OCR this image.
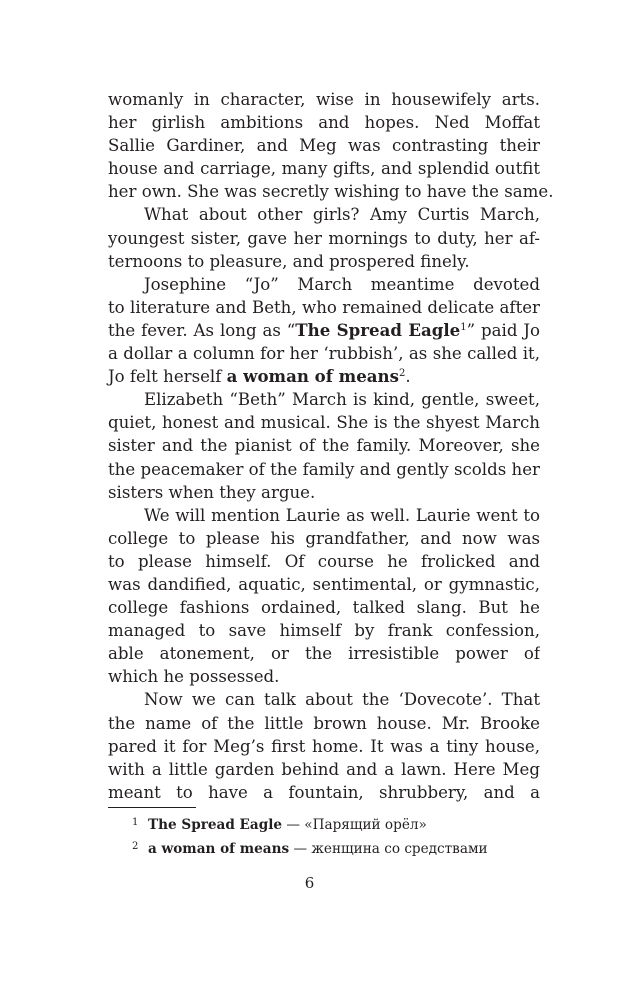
womanly in character, wise in housewifely arts.
her girlish ambitions and hopes. Ned Moffat
Sallie Gardiner, and Meg was contrasting their
house and carriage, many gifts, and splendid outfit
her own. She was secretly wishing to have the same.
What about other girls? Amy Curtis March,
youngest sister, gave her mornings to duty, her af-
ternoons to pleasure, and prospered finely.
Josephine “Jo” March meantime devoted
to literature and Beth, who remained delicate after
the fever. As long as “The Spread Eagle$^1$” paid Jo
a dollar a column for her ‘rubbish’, as she called it,
Jo felt herself a woman of means$^2$.
Elizabeth “Beth” March is kind, gentle, sweet,
quiet, honest and musical. She is the shyest March
sister and the pianist of the family. Moreover, she
the peacemaker of the family and gently scolds her
sisters when they argue.
We will mention Laurie as well. Laurie went to
college to please his grandfather, and now was
to please himself. Of course he frolicked and
was dandified, aquatic, sentimental, or gymnastic,
college fashions ordained, talked slang. But he
managed to save himself by frank confession,
able atonement, or the irresistible power of
which he possessed.
Now we can talk about the ‘Dovecote’. That
the name of the little brown house. Mr. Brooke
pared it for Meg’s first home. It was a tiny house,
with a little garden behind and a lawn. Here Meg
meant to have a fountain, shrubbery, and a
1 The Spread Eagle — «Парящий орёл»
2 a woman of means — женщина со средствами
6
